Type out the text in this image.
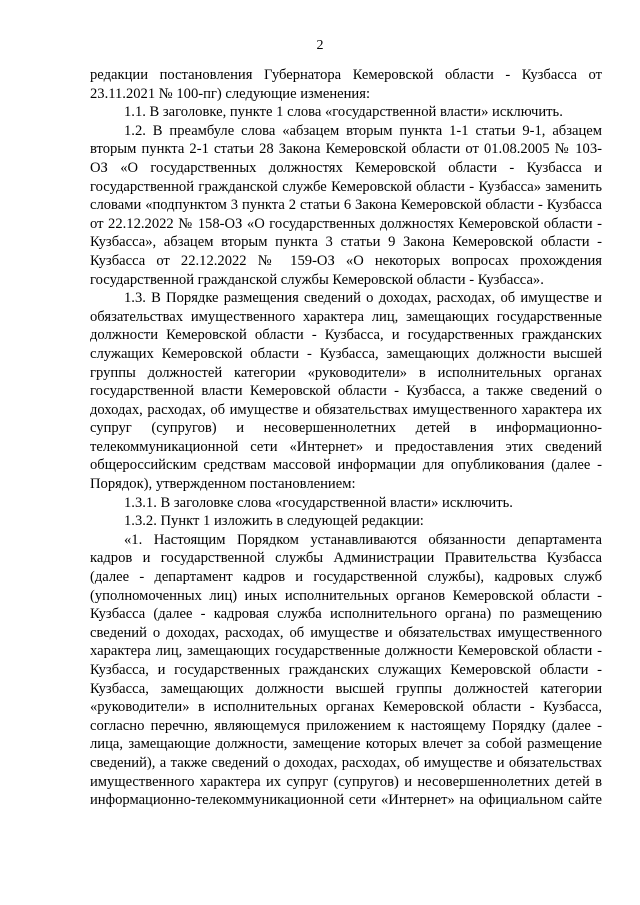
2

редакции постановления Губернатора Кемеровской области - Кузбасса от 23.11.2021 № 100-пг) следующие изменения:

1.1. В заголовке, пункте 1 слова «государственной власти» исключить.

1.2. В преамбуле слова «абзацем вторым пункта 1-1 статьи 9-1, абзацем вторым пункта 2-1 статьи 28 Закона Кемеровской области от 01.08.2005 № 103-ОЗ «О государственных должностях Кемеровской области - Кузбасса и государственной гражданской службе Кемеровской области - Кузбасса» заменить словами «подпунктом 3 пункта 2 статьи 6 Закона Кемеровской области - Кузбасса от 22.12.2022 № 158-ОЗ «О государственных должностях Кемеровской области - Кузбасса», абзацем вторым пункта 3 статьи 9 Закона Кемеровской области - Кузбасса от 22.12.2022 № 159-ОЗ «О некоторых вопросах прохождения государственной гражданской службы Кемеровской области - Кузбасса».

1.3. В Порядке размещения сведений о доходах, расходах, об имуществе и обязательствах имущественного характера лиц, замещающих государственные должности Кемеровской области - Кузбасса, и государственных гражданских служащих Кемеровской области - Кузбасса, замещающих должности высшей группы должностей категории «руководители» в исполнительных органах государственной власти Кемеровской области - Кузбасса, а также сведений о доходах, расходах, об имуществе и обязательствах имущественного характера их супруг (супругов) и несовершеннолетних детей в информационно-телекоммуникационной сети «Интернет» и предоставления этих сведений общероссийским средствам массовой информации для опубликования (далее - Порядок), утвержденном постановлением:

1.3.1. В заголовке слова «государственной власти» исключить.

1.3.2. Пункт 1 изложить в следующей редакции:

«1. Настоящим Порядком устанавливаются обязанности департамента кадров и государственной службы Администрации Правительства Кузбасса (далее - департамент кадров и государственной службы), кадровых служб (уполномоченных лиц) иных исполнительных органов Кемеровской области - Кузбасса (далее - кадровая служба исполнительного органа) по размещению сведений о доходах, расходах, об имуществе и обязательствах имущественного характера лиц, замещающих государственные должности Кемеровской области - Кузбасса, и государственных гражданских служащих Кемеровской области - Кузбасса, замещающих должности высшей группы должностей категории «руководители» в исполнительных органах Кемеровской области - Кузбасса, согласно перечню, являющемуся приложением к настоящему Порядку (далее - лица, замещающие должности, замещение которых влечет за собой размещение сведений), а также сведений о доходах, расходах, об имуществе и обязательствах имущественного характера их супруг (супругов) и несовершеннолетних детей в информационно-телекоммуникационной сети «Интернет» на официальном сайте
